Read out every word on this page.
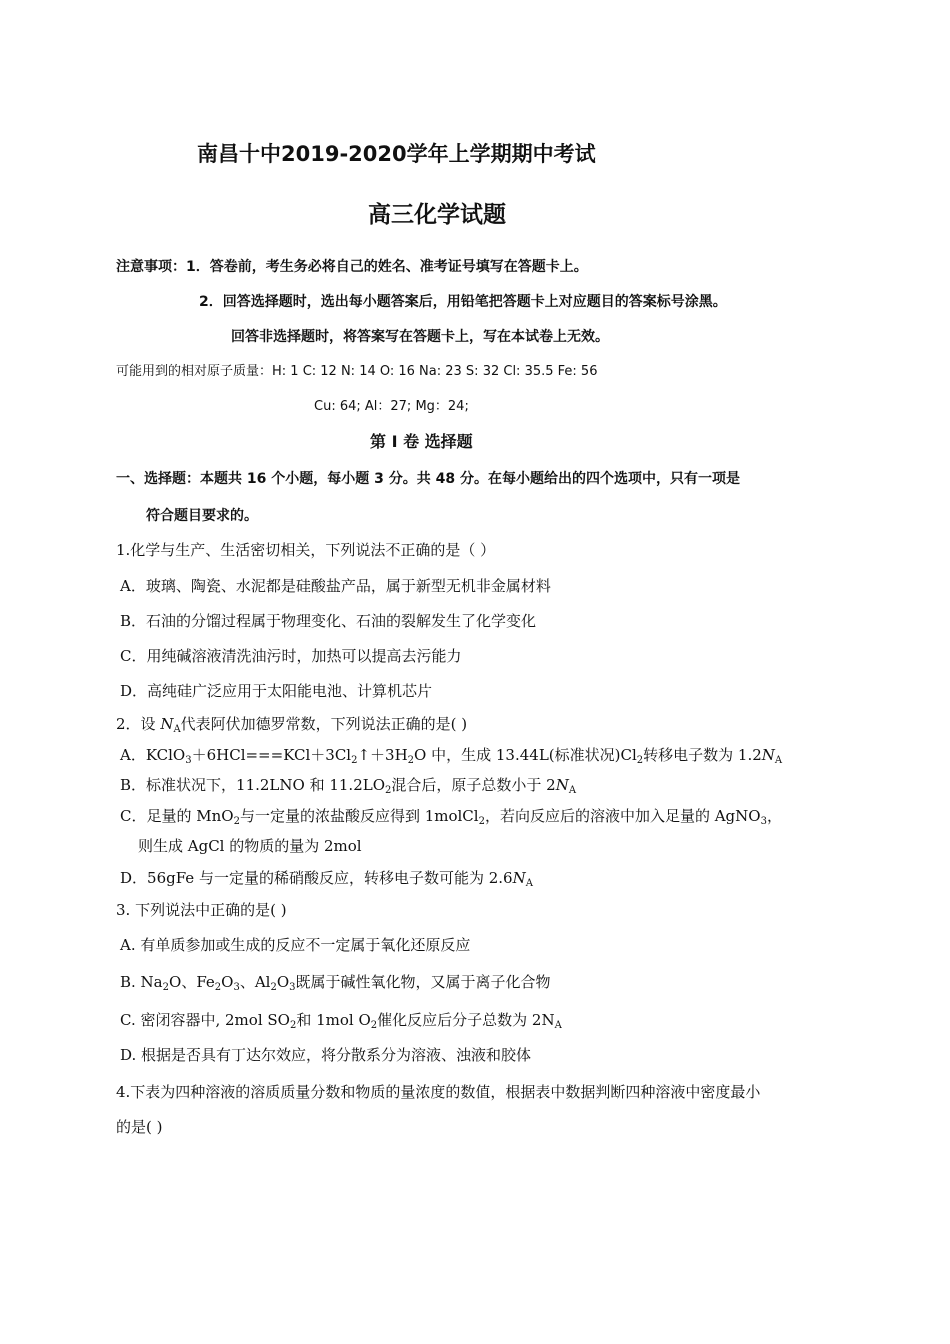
南昌十中2019-2020学年上学期期中考试
高三化学试题
注意事项：1．答卷前，考生务必将自己的姓名、准考证号填写在答题卡上。
2．回答选择题时，选出每小题答案后，用铅笔把答题卡上对应题目的答案标号涂黑。
回答非选择题时，将答案写在答题卡上，写在本试卷上无效。
可能用到的相对原子质量：H: 1 C: 12 N: 14 O: 16 Na: 23 S: 32 Cl: 35.5 Fe: 56
Cu: 64; Al：27; Mg：24;
第 I 卷 选择题
一、选择题：本题共 16 个小题，每小题 3 分。共 48 分。在每小题给出的四个选项中，只有一项是
符合题目要求的。
1.化学与生产、生活密切相关，下列说法不正确的是（ ）
A．玻璃、陶瓷、水泥都是硅酸盐产品，属于新型无机非金属材料
B．石油的分馏过程属于物理变化、石油的裂解发生了化学变化
C．用纯碱溶液清洗油污时，加热可以提高去污能力
D．高纯硅广泛应用于太阳能电池、计算机芯片
2．设 $N_A$代表阿伏加德罗常数，下列说法正确的是( )
A．$KClO_3+6HCl===KCl+3Cl_2↑+3H_2O$ 中，生成 13.44L(标准状况)$Cl_2$转移电子数为 $1.2N_A$
B．标准状况下，11.2LNO 和 $11.2LO_2$混合后，原子总数小于 $2N_A$
C．足量的 MnO$_2$与一定量的浓盐酸反应得到 1molCl$_2$，若向反应后的溶液中加入足量的 AgNO$_3$，
则生成 AgCl 的物质的量为 2mol
D．56gFe 与一定量的稀硝酸反应，转移电子数可能为 $2.6N_A$
3. 下列说法中正确的是( )
A. 有单质参加或生成的反应不一定属于氧化还原反应
B. $Na_2O$、$Fe_2O_3$、$Al_2O_3$既属于碱性氧化物，又属于离子化合物
C. 密闭容器中, 2mol $SO_2$和 1mol $O_2$催化反应后分子总数为 $2N_A$
D. 根据是否具有丁达尔效应，将分散系分为溶液、浊液和胶体
4.下表为四种溶液的溶质质量分数和物质的量浓度的数值，根据表中数据判断四种溶液中密度最小
的是( )
